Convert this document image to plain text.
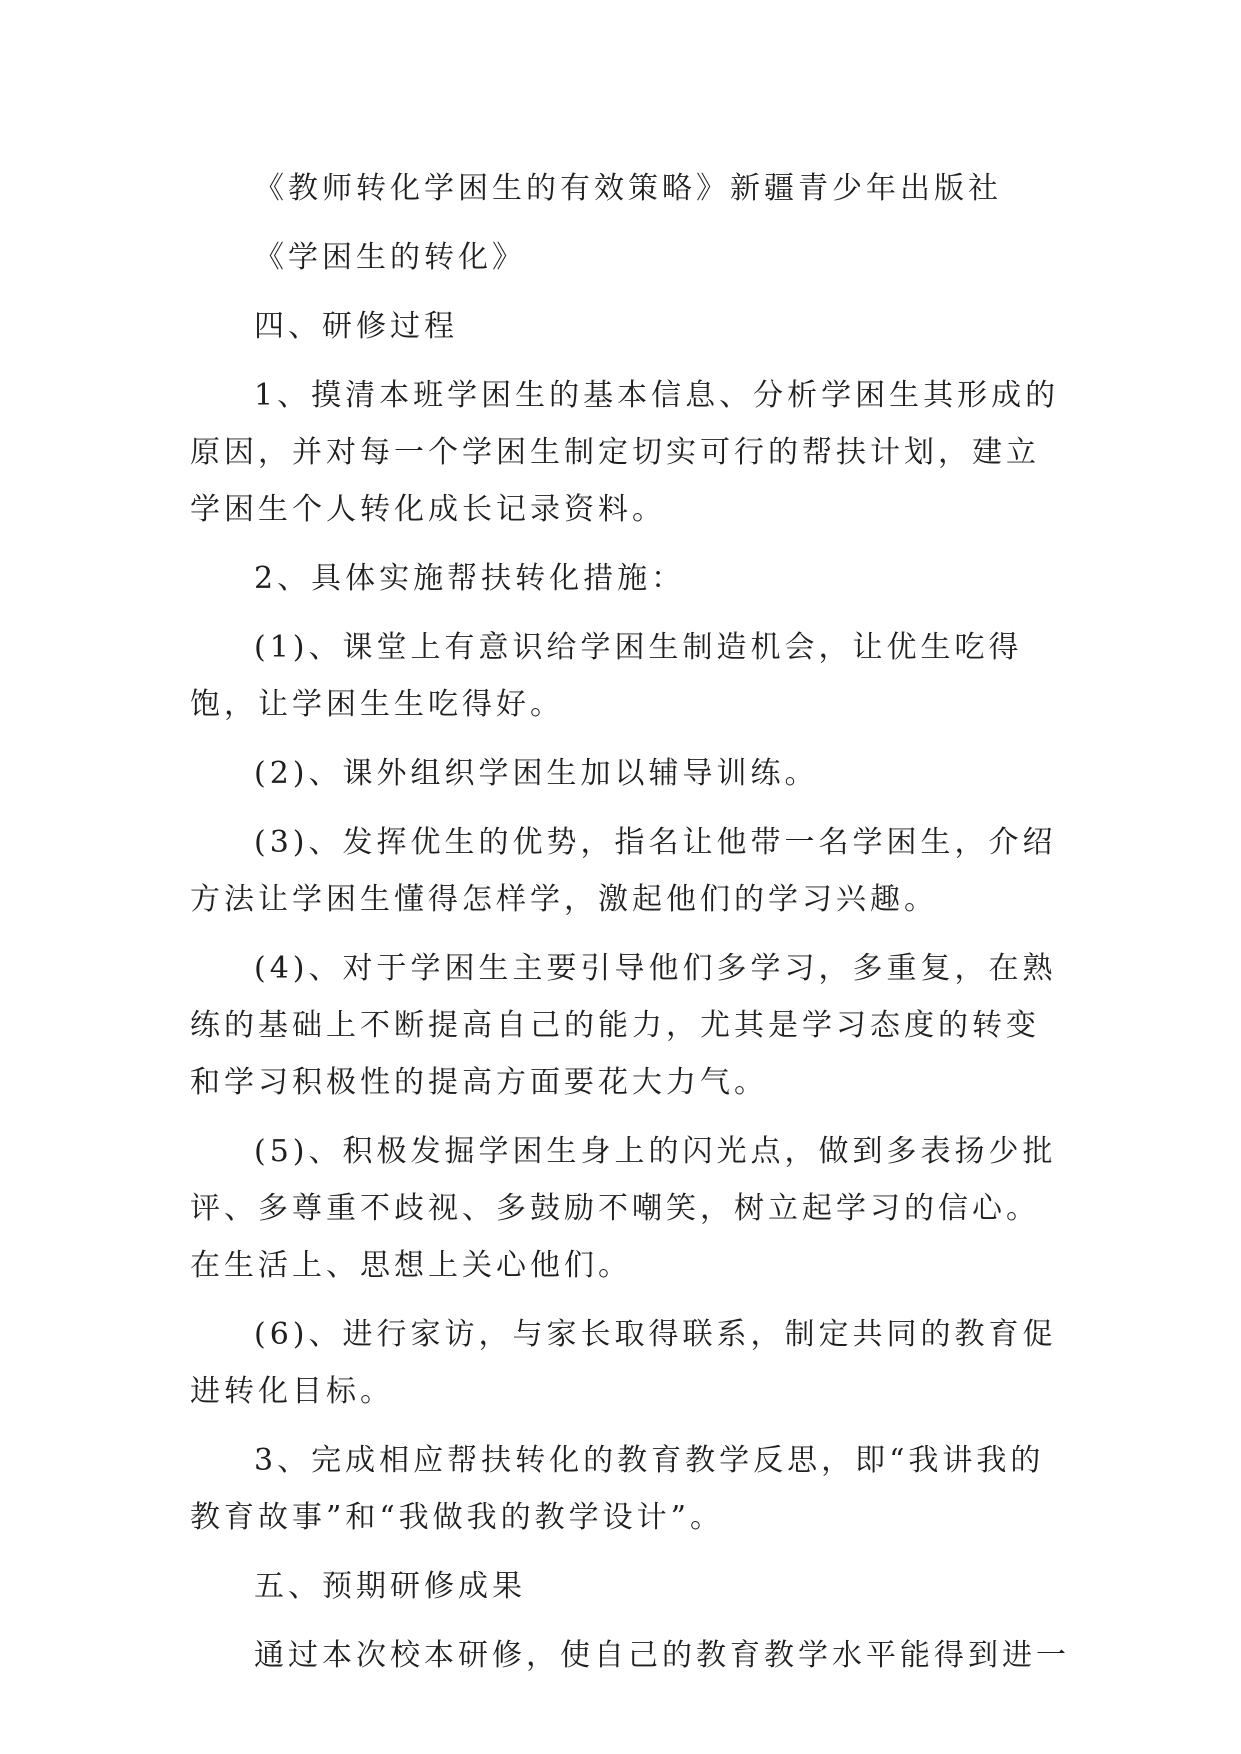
《教师转化学困生的有效策略》新疆青少年出版社

《学困生的转化》

四、研修过程

1、摸清本班学困生的基本信息、分析学困生其形成的原因，并对每一个学困生制定切实可行的帮扶计划，建立学困生个人转化成长记录资料。

2、具体实施帮扶转化措施：

(1)、课堂上有意识给学困生制造机会，让优生吃得饱，让学困生生吃得好。

(2)、课外组织学困生加以辅导训练。

(3)、发挥优生的优势，指名让他带一名学困生，介绍方法让学困生懂得怎样学，激起他们的学习兴趣。

(4)、对于学困生主要引导他们多学习，多重复，在熟练的基础上不断提高自己的能力，尤其是学习态度的转变和学习积极性的提高方面要花大力气。

(5)、积极发掘学困生身上的闪光点，做到多表扬少批评、多尊重不歧视、多鼓励不嘲笑，树立起学习的信心。在生活上、思想上关心他们。

(6)、进行家访，与家长取得联系，制定共同的教育促进转化目标。

3、完成相应帮扶转化的教育教学反思，即“我讲我的教育故事”和“我做我的教学设计”。

五、预期研修成果

通过本次校本研修，使自己的教育教学水平能得到进一
